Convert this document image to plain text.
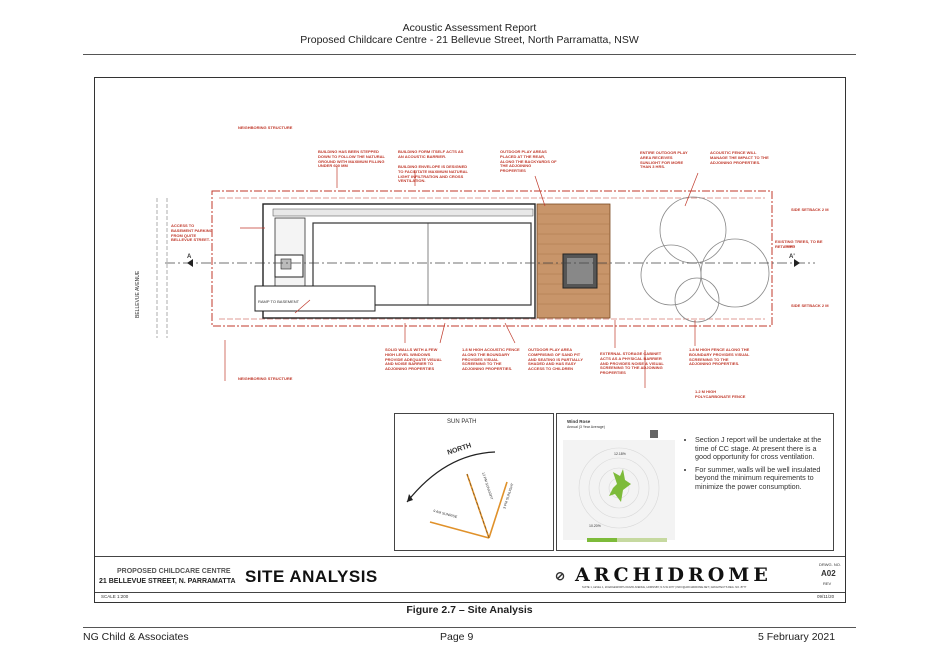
Acoustic Assessment Report
Proposed Childcare Centre - 21 Bellevue Street, North Parramatta, NSW
NEIGHBORING STRUCTURE
BUILDING HAS BEEN STEPPED DOWN TO FOLLOW THE NATURAL GROUND WITH MAXIMUM FILLING UNDER 600 MM
BUILDING FORM ITSELF ACTS AS AN ACOUSTIC BARRIER.
BUILDING ENVELOPE IS DESIGNED TO FACILITATE MAXIMUM NATURAL LIGHT INFILTRATION AND CROSS VENTILATION.
OUTDOOR PLAY AREAS PLACED AT THE REAR, ALONG THE BACKYARDS OF THE ADJOINING PROPERTIES
ENTIRE OUTDOOR PLAY AREA RECEIVES SUNLIGHT FOR MORE THAN 3 HRS.
ACOUSTIC FENCE WILL MANAGE THE IMPACT TO THE ADJOINING PROPERTIES.
ACCESS TO BASEMENT PARKING FROM QUITE BELLEVUE STREET.
SIDE SETBACK 2 M
EXISTING TREES, TO BE RETAINED
SIDE SETBACK 2 M
RAMP TO BASEMENT
BELLEVUE AVENUE
A	A'
SOLID WALLS WITH A FEW HIGH LEVEL WINDOWS PROVIDE ADEQUATE VISUAL AND NOISE BARRIER TO ADJOINING PROPERTIES
1.8 M HIGH ACOUSTIC FENCE ALONG THE BOUNDARY PROVIDES VISUAL SCREENING TO THE ADJOINING PROPERTIES.
OUTDOOR PLAY AREA COMPRISING OF SAND PIT AND SEATING IS PARTIALLY SHADED AND HAS EASY ACCESS TO CHILDREN
EXTERNAL STORAGE CABINET ACTS AS A PHYSICAL BARRIER AND PROVIDES NOISE & VISUAL SCREENING TO THE ADJOINING PROPERTIES
1.8 M HIGH FENCE ALONG THE BOUNDARY PROVIDES VISUAL SCREENING TO THE ADJOINING PROPERTIES.
1.2 M HIGH POLYCARBONATE FENCE
NEIGHBORING STRUCTURE
SUN PATH
NORTH
12 PM SUNLIGHT 3 PM SUNLIGHT
9 AM SUNRISE
Wind Rose
Annual (3 Year Average)
12.18%
10.20%
• Section J report will be undertake at the time of CC stage. At present there is a good opportunity for cross ventilation.
• For summer, walls will be well insulated beyond the minimum requirements to minimize the power consumption.
PROPOSED CHILDCARE CENTRE
21 BELLEVUE STREET, N. PARRAMATTA SITE ANALYSIS	⊘ ARCHIDROME
SUITE 1, LEVEL 1, 20 EDGEWORTH DAVID AVENUE, HORNSBY, N.S.W 2077 | INFO@ARCHIDROME.NET | ARCHITECTS REG. NO. 8777
DRWG. NO.
A02
REV
SCALE 1:200	09/11/20
Figure 2.7 – Site Analysis
NG Child & Associates	Page 9	5 February 2021
